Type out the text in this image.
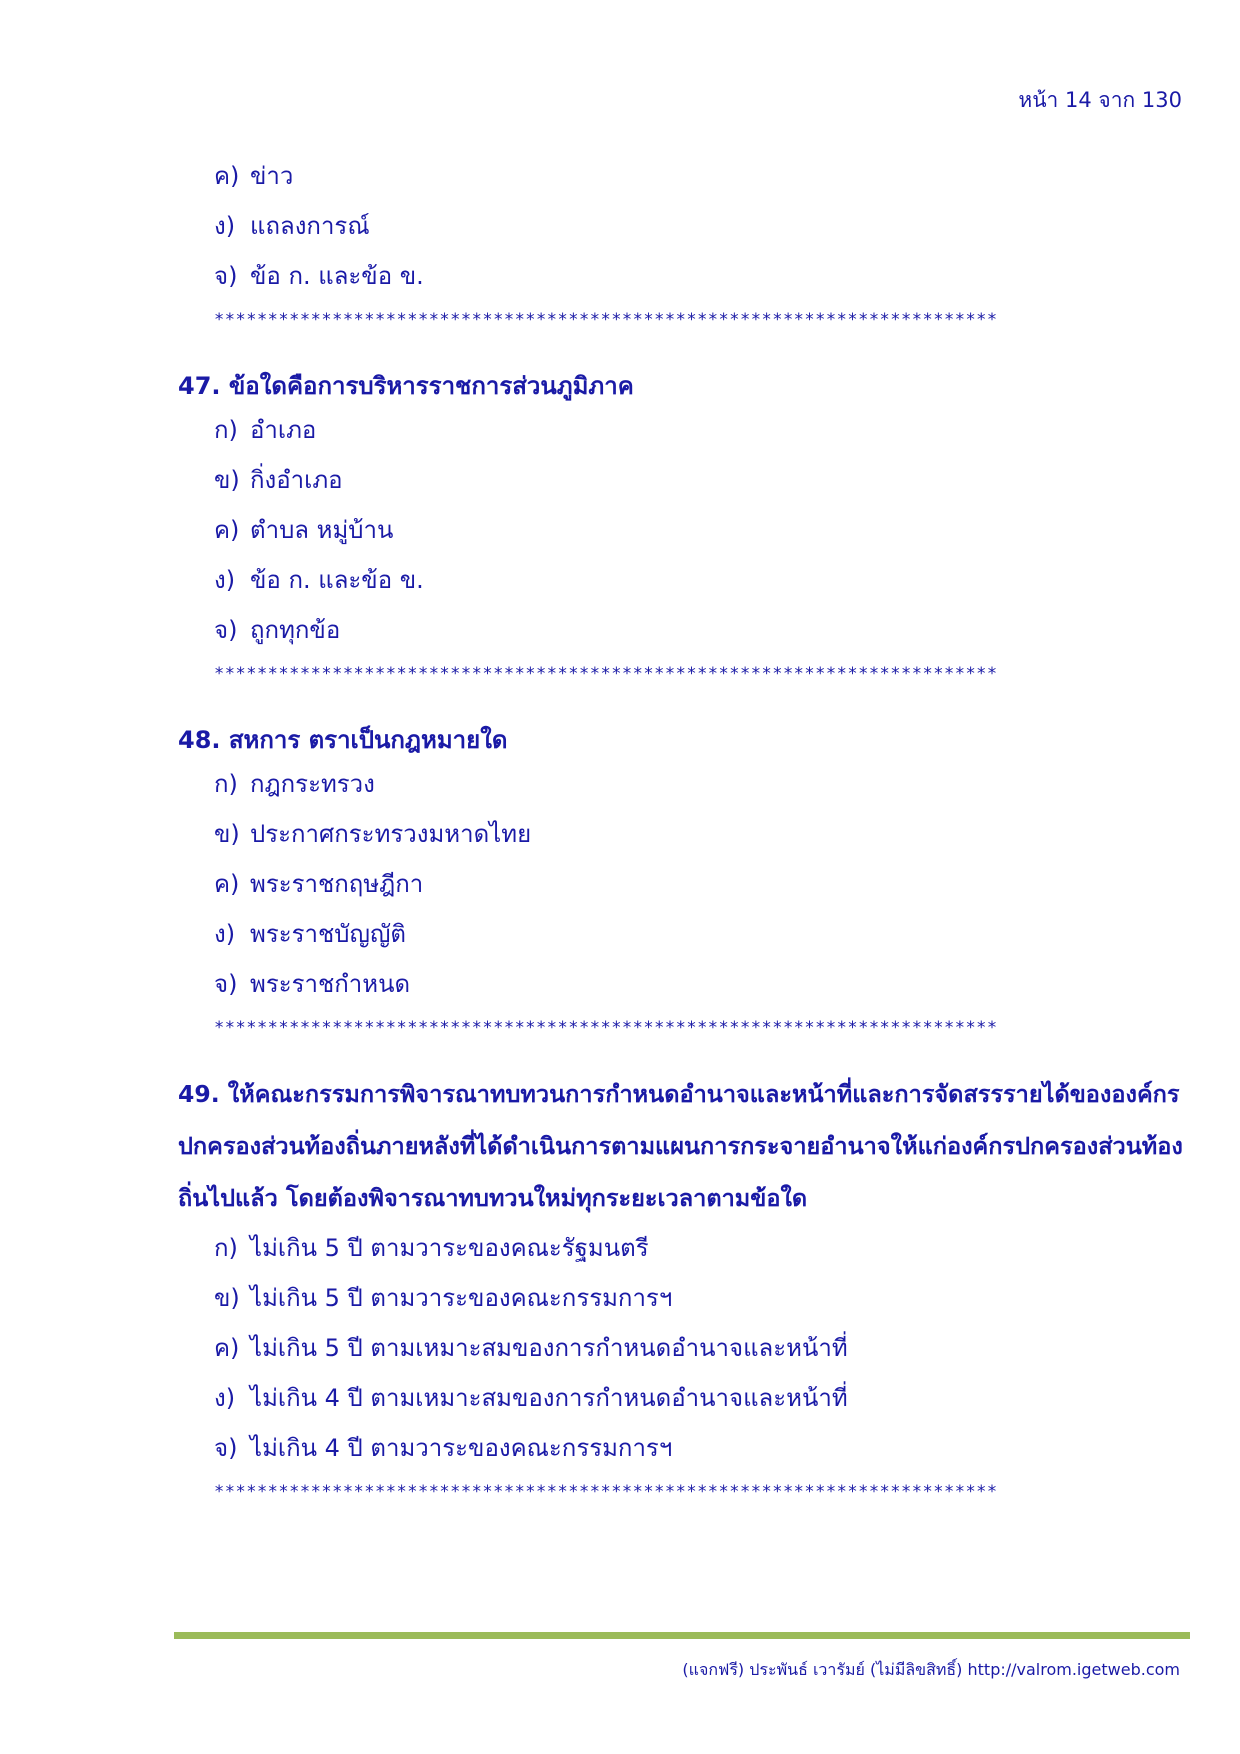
หน้า 14 จาก 130
ค) ข่าว
ง) แถลงการณ์
จ) ข้อ ก. และข้อ ข.
*************************************************************************
47. ข้อใดคือการบริหารราชการส่วนภูมิภาค
ก) อำเภอ
ข) กิ่งอำเภอ
ค) ตำบล หมู่บ้าน
ง) ข้อ ก. และข้อ ข.
จ) ถูกทุกข้อ
*************************************************************************
48. สหการ ตราเป็นกฎหมายใด
ก) กฎกระทรวง
ข) ประกาศกระทรวงมหาดไทย
ค) พระราชกฤษฎีกา
ง) พระราชบัญญัติ
จ) พระราชกำหนด
*************************************************************************
49. ให้คณะกรรมการพิจารณาทบทวนการกำหนดอำนาจและหน้าที่และการจัดสรรรายได้ขององค์กรปกครองส่วนท้องถิ่นภายหลังที่ได้ดำเนินการตามแผนการกระจายอำนาจให้แก่องค์กรปกครองส่วนท้องถิ่นไปแล้ว โดยต้องพิจารณาทบทวนใหม่ทุกระยะเวลาตามข้อใด
ก) ไม่เกิน 5 ปี ตามวาระของคณะรัฐมนตรี
ข) ไม่เกิน 5 ปี ตามวาระของคณะกรรมการฯ
ค) ไม่เกิน 5 ปี ตามเหมาะสมของการกำหนดอำนาจและหน้าที่
ง) ไม่เกิน 4 ปี ตามเหมาะสมของการกำหนดอำนาจและหน้าที่
จ) ไม่เกิน 4 ปี ตามวาระของคณะกรรมการฯ
*************************************************************************
(แจกฟรี) ประพันธ์ เวารัมย์ (ไม่มีลิขสิทธิ์) http://valrom.igetweb.com
